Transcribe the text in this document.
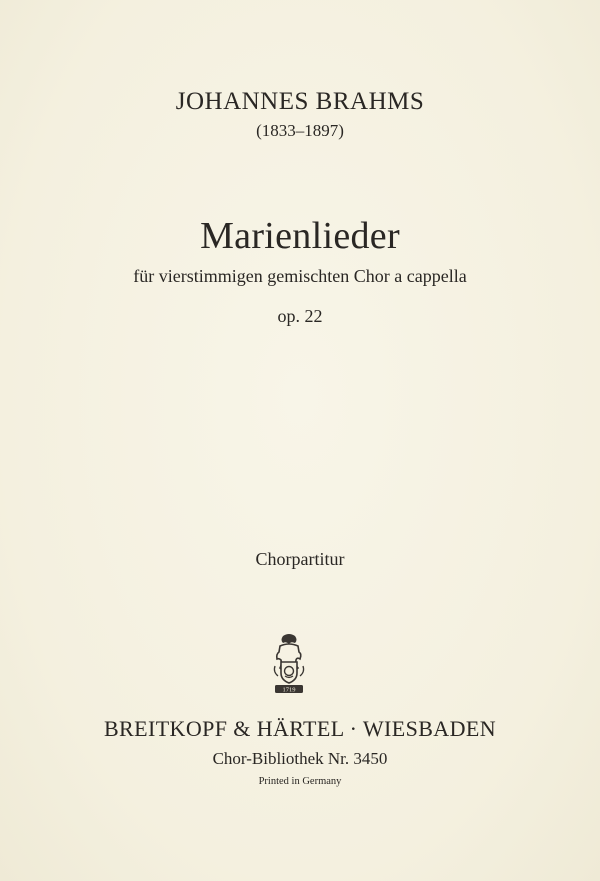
JOHANNES BRAHMS
(1833–1897)
Marienlieder
für vierstimmigen gemischten Chor a cappella
op. 22
Chorpartitur
1719
BREITKOPF & HÄRTEL · WIESBADEN
Chor-Bibliothek Nr. 3450
Printed in Germany
